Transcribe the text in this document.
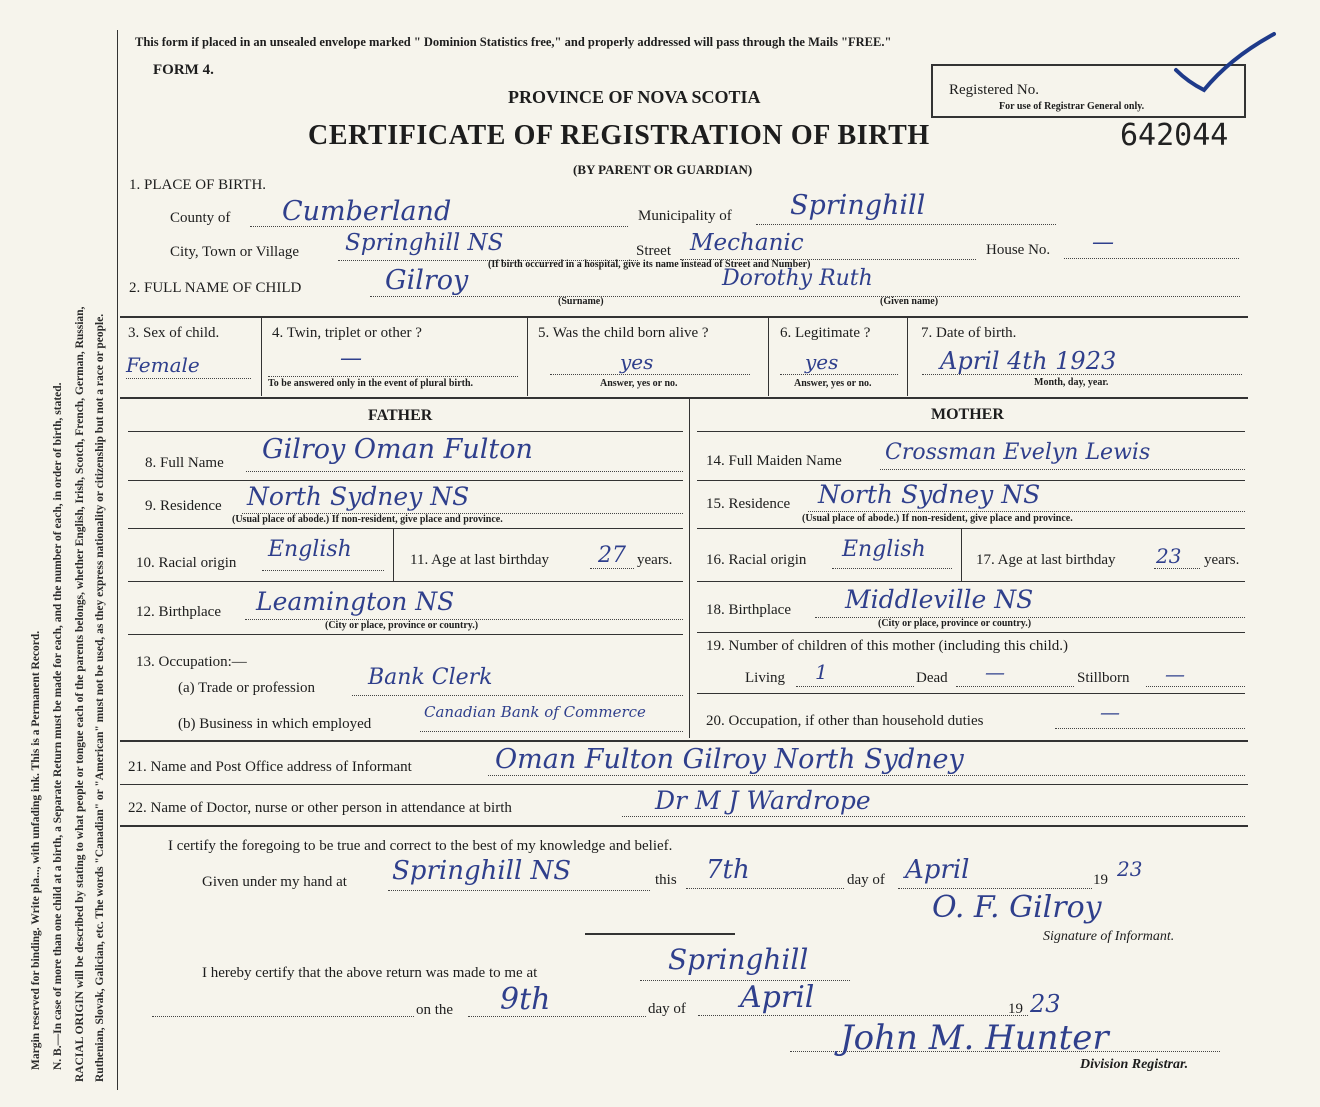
Margin reserved for binding. Write pla..., with unfading ink. This is a Permanent Record. N. B.—In case of more than one child at a birth, a Separate Return must be made for each, and the number of each, in order of birth, stated. RACIAL ORIGIN will be described by stating to what people or tongue each of the parents belongs, whether English, Irish, Scotch, French, German, Russian, Ruthenian, Slovak, Galician, etc. The words "Canadian" or "American" must not be used, as they express nationality or citizenship but not a race or people.
This form if placed in an unsealed envelope marked " Dominion Statistics free," and properly addressed will pass through the Mails "FREE."
FORM 4.
PROVINCE OF NOVA SCOTIA
CERTIFICATE OF REGISTRATION OF BIRTH
(BY PARENT OR GUARDIAN)
Registered No.
For use of Registrar General only.
642044
1. PLACE OF BIRTH.
County of Cumberland	Municipality of Springhill
City, Town or Village Springhill NS	Street Mechanic	House No. —
(If birth occurred in a hospital, give its name instead of Street and Number)
2. FULL NAME OF CHILD	Gilroy
(Surname)
Dorothy Ruth
(Given name)
3. Sex of child.
Female
4. Twin, triplet or other ?
—
To be answered only in the event of plural birth.
5. Was the child born alive ?
yes
Answer, yes or no.
6. Legitimate ?
yes
Answer, yes or no.
7. Date of birth.
April 4th 1923
Month, day, year.
FATHER	MOTHER
8. Full Name Gilroy Oman Fulton
9. Residence North Sydney NS
(Usual place of abode.) If non-resident, give place and province.
10. Racial origin
English	11. Age at last birthday 27 years.
12. Birthplace Leamington NS
(City or place, province or country.)
13. Occupation:—
(a) Trade or profession Bank Clerk
(b) Business in which employed
Canadian Bank of Commerce
14. Full Maiden Name Crossman Evelyn Lewis
15. Residence North Sydney NS
(Usual place of abode.) If non-resident, give place and province.
16. Racial origin English	17. Age at last birthday 23 years.
18. Birthplace Middleville NS
(City or place, province or country.)
19. Number of children of this mother (including this child.)
Living 1	Dead —	Stillborn —
20. Occupation, if other than household duties	—
21. Name and Post Office address of Informant	Oman Fulton Gilroy North Sydney
22. Name of Doctor, nurse or other person in attendance at birth	Dr M J Wardrope
I certify the foregoing to be true and correct to the best of my knowledge and belief.
Given under my hand at Springhill NS	this 7th	day of April	19 23
O. F. Gilroy
Signature of Informant.
I hereby certify that the above return was made to me at	Springhill
on the 9th	day of April	19 23
John M. Hunter
Division Registrar.
